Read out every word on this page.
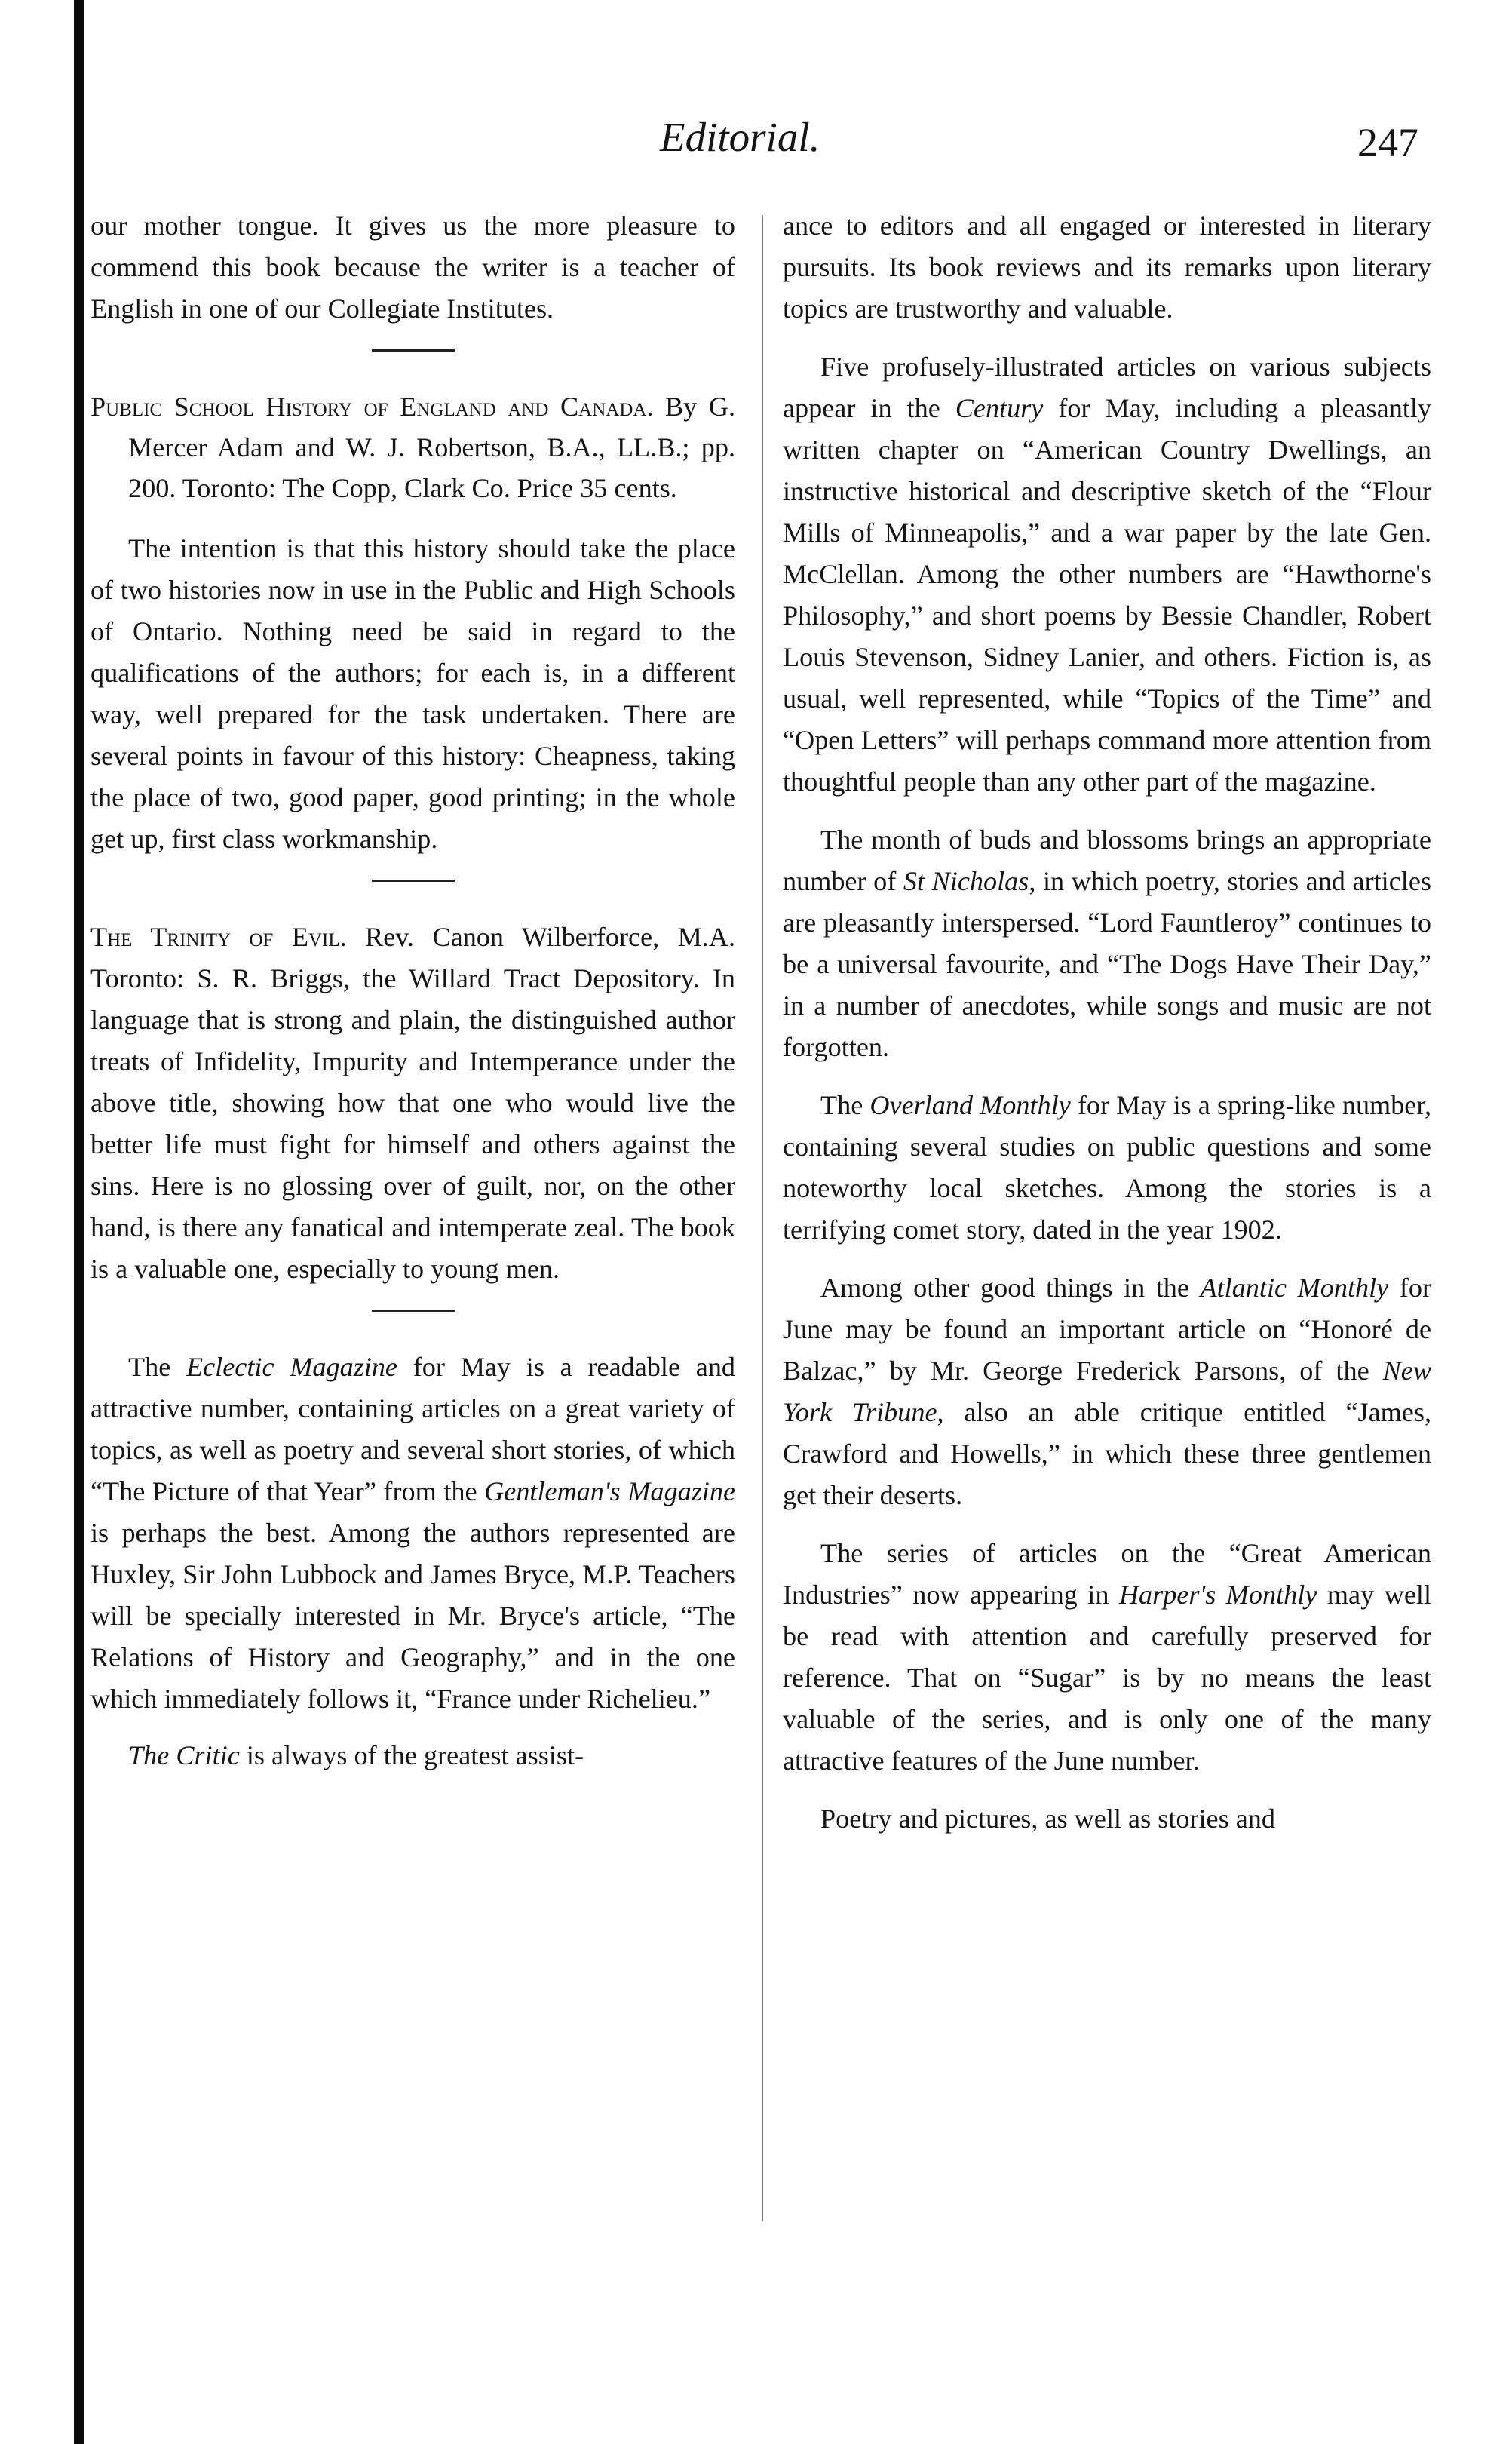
Editorial.	247

our mother tongue. It gives us the more pleasure to commend this book because the writer is a teacher of English in one of our Collegiate Institutes.

Public School History of England and Canada. By G. Mercer Adam and W. J. Robertson, B.A., LL.B.; pp. 200. Toronto: The Copp, Clark Co. Price 35 cents.

The intention is that this history should take the place of two histories now in use in the Public and High Schools of Ontario. Nothing need be said in regard to the qualifications of the authors; for each is, in a different way, well prepared for the task undertaken. There are several points in favour of this history: Cheapness, taking the place of two, good paper, good printing; in the whole get up, first class workmanship.

The Trinity of Evil. Rev. Canon Wilberforce, M.A. Toronto: S. R. Briggs, the Willard Tract Depository. In language that is strong and plain, the distinguished author treats of Infidelity, Impurity and Intemperance under the above title, showing how that one who would live the better life must fight for himself and others against the sins. Here is no glossing over of guilt, nor, on the other hand, is there any fanatical and intemperate zeal. The book is a valuable one, especially to young men.

The Eclectic Magazine for May is a readable and attractive number, containing articles on a great variety of topics, as well as poetry and several short stories, of which “The Picture of that Year” from the Gentleman's Magazine is perhaps the best. Among the authors represented are Huxley, Sir John Lubbock and James Bryce, M.P. Teachers will be specially interested in Mr. Bryce's article, “The Relations of History and Geography,” and in the one which immediately follows it, “France under Richelieu.”

The Critic is always of the greatest assist-

ance to editors and all engaged or interested in literary pursuits. Its book reviews and its remarks upon literary topics are trustworthy and valuable.

Five profusely-illustrated articles on various subjects appear in the Century for May, including a pleasantly written chapter on “American Country Dwellings, an instructive historical and descriptive sketch of the “Flour Mills of Minneapolis,” and a war paper by the late Gen. McClellan. Among the other numbers are “Hawthorne's Philosophy,” and short poems by Bessie Chandler, Robert Louis Stevenson, Sidney Lanier, and others. Fiction is, as usual, well represented, while “Topics of the Time” and “Open Letters” will perhaps command more attention from thoughtful people than any other part of the magazine.

The month of buds and blossoms brings an appropriate number of St Nicholas, in which poetry, stories and articles are pleasantly interspersed. “Lord Fauntleroy” continues to be a universal favourite, and “The Dogs Have Their Day,” in a number of anecdotes, while songs and music are not forgotten.

The Overland Monthly for May is a spring-like number, containing several studies on public questions and some noteworthy local sketches. Among the stories is a terrifying comet story, dated in the year 1902.

Among other good things in the Atlantic Monthly for June may be found an important article on “Honoré de Balzac,” by Mr. George Frederick Parsons, of the New York Tribune, also an able critique entitled “James, Crawford and Howells,” in which these three gentlemen get their deserts.

The series of articles on the “Great American Industries” now appearing in Harper's Monthly may well be read with attention and carefully preserved for reference. That on “Sugar” is by no means the least valuable of the series, and is only one of the many attractive features of the June number.

Poetry and pictures, as well as stories and
